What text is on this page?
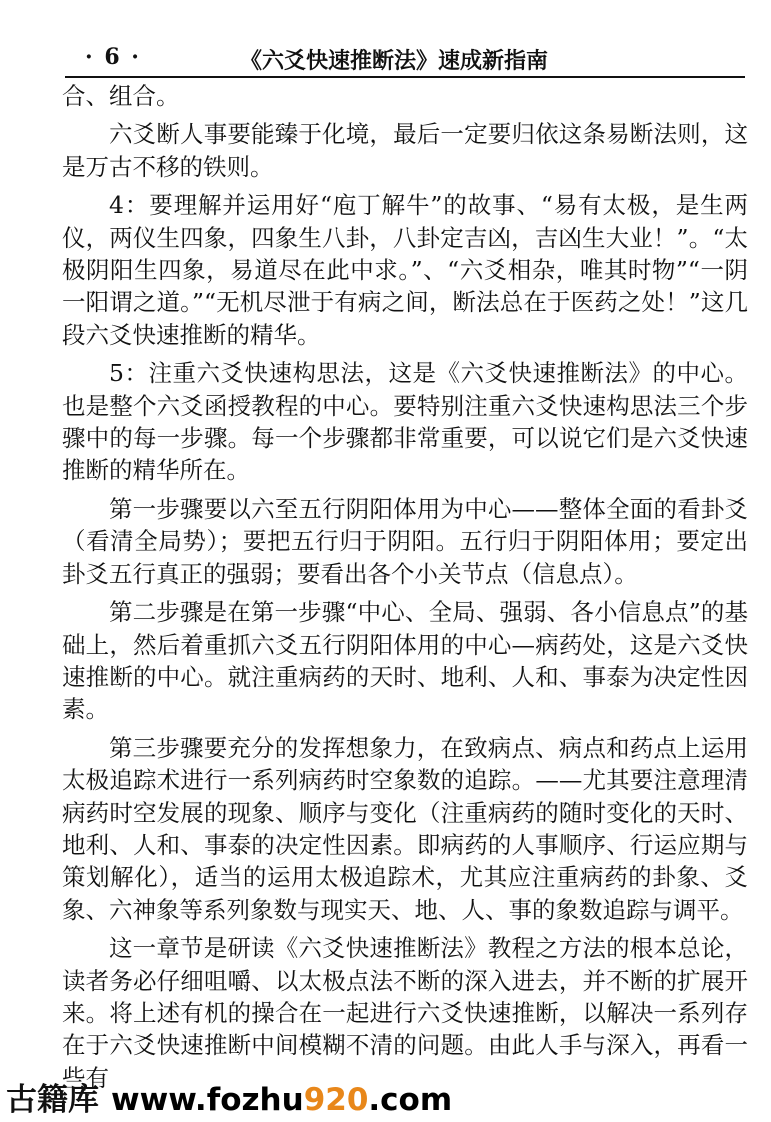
· 6 ·	《六爻快速推断法》速成新指南

合、组合。

六爻断人事要能臻于化境，最后一定要归依这条易断法则，这是万古不移的铁则。

4：要理解并运用好“庖丁解牛”的故事、“易有太极，是生两仪，两仪生四象，四象生八卦，八卦定吉凶，吉凶生大业！”。“太极阴阳生四象，易道尽在此中求。”、“六爻相杂，唯其时物”“一阴一阳谓之道。”“无机尽泄于有病之间，断法总在于医药之处！”这几段六爻快速推断的精华。

5：注重六爻快速构思法，这是《六爻快速推断法》的中心。也是整个六爻函授教程的中心。要特别注重六爻快速构思法三个步骤中的每一步骤。每一个步骤都非常重要，可以说它们是六爻快速推断的精华所在。

第一步骤要以六至五行阴阳体用为中心——整体全面的看卦爻（看清全局势）；要把五行归于阴阳。五行归于阴阳体用；要定出卦爻五行真正的强弱；要看出各个小关节点（信息点）。

第二步骤是在第一步骤“中心、全局、强弱、各小信息点”的基础上，然后着重抓六爻五行阴阳体用的中心—病药处，这是六爻快速推断的中心。就注重病药的天时、地利、人和、事泰为决定性因素。

第三步骤要充分的发挥想象力，在致病点、病点和药点上运用太极追踪术进行一系列病药时空象数的追踪。——尤其要注意理清病药时空发展的现象、顺序与变化（注重病药的随时变化的天时、地利、人和、事泰的决定性因素。即病药的人事顺序、行运应期与策划解化），适当的运用太极追踪术，尤其应注重病药的卦象、爻象、六神象等系列象数与现实天、地、人、事的象数追踪与调平。

这一章节是研读《六爻快速推断法》教程之方法的根本总论，读者务必仔细咀嚼、以太极点法不断的深入进去，并不断的扩展开来。将上述有机的操合在一起进行六爻快速推断，以解决一系列存在于六爻快速推断中间模糊不清的问题。由此人手与深入，再看一些有

古籍库 www.fozhu920.com
